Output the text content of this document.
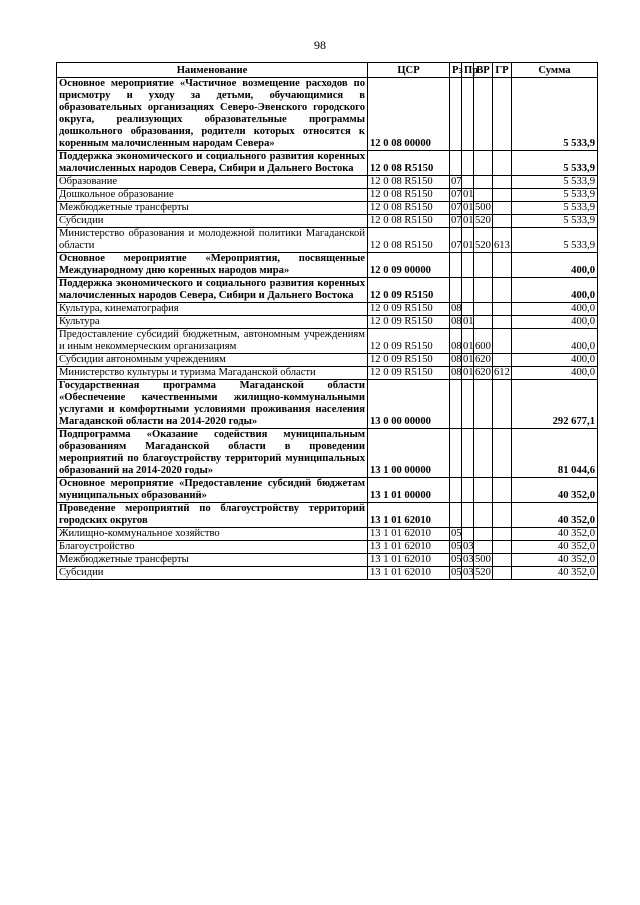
98
Наименование	ЦСР	Рз	Пр	ВР	ГР	Сумма
Основное мероприятие «Частичное возмещение расходов по присмотру и уходу за детьми, обучающимися в образовательных организациях Северо-Эвенского городского округа, реализующих образовательные программы дошкольного образования, родители которых относятся к коренным малочисленным народам Севера»	12 0 08 00000					5 533,9
Поддержка экономического и социального развития коренных малочисленных народов Севера, Сибири и Дальнего Востока	12 0 08 R5150					5 533,9
Образование	12 0 08 R5150	07				5 533,9
Дошкольное образование	12 0 08 R5150	07	01			5 533,9
Межбюджетные трансферты	12 0 08 R5150	07	01	500		5 533,9
Субсидии	12 0 08 R5150	07	01	520		5 533,9
Министерство образования и молодежной политики Магаданской области	12 0 08 R5150	07	01	520	613	5 533,9
Основное мероприятие «Мероприятия, посвященные Международному дню коренных народов мира»	12 0 09 00000					400,0
Поддержка экономического и социального развития коренных малочисленных народов Севера, Сибири и Дальнего Востока	12 0 09 R5150					400,0
Культура, кинематография	12 0 09 R5150	08				400,0
Культура	12 0 09 R5150	08	01			400,0
Предоставление субсидий бюджетным, автономным учреждениям и иным некоммерческим организациям	12 0 09 R5150	08	01	600		400,0
Субсидии автономным учреждениям	12 0 09 R5150	08	01	620		400,0
Министерство культуры и туризма Магаданской области	12 0 09 R5150	08	01	620	612	400,0
Государственная программа Магаданской области «Обеспечение качественными жилищно-коммунальными услугами и комфортными условиями проживания населения Магаданской области на 2014-2020 годы»	13 0 00 00000					292 677,1
Подпрограмма «Оказание содействия муниципальным образованиям Магаданской области в проведении мероприятий по благоустройству территорий муниципальных образований на 2014-2020 годы»	13 1 00 00000					81 044,6
Основное мероприятие «Предоставление субсидий бюджетам муниципальных образований»	13 1 01 00000					40 352,0
Проведение мероприятий по благоустройству территорий городских округов	13 1 01 62010					40 352,0
Жилищно-коммунальное хозяйство	13 1 01 62010	05				40 352,0
Благоустройство	13 1 01 62010	05	03			40 352,0
Межбюджетные трансферты	13 1 01 62010	05	03	500		40 352,0
Субсидии	13 1 01 62010	05	03	520		40 352,0
